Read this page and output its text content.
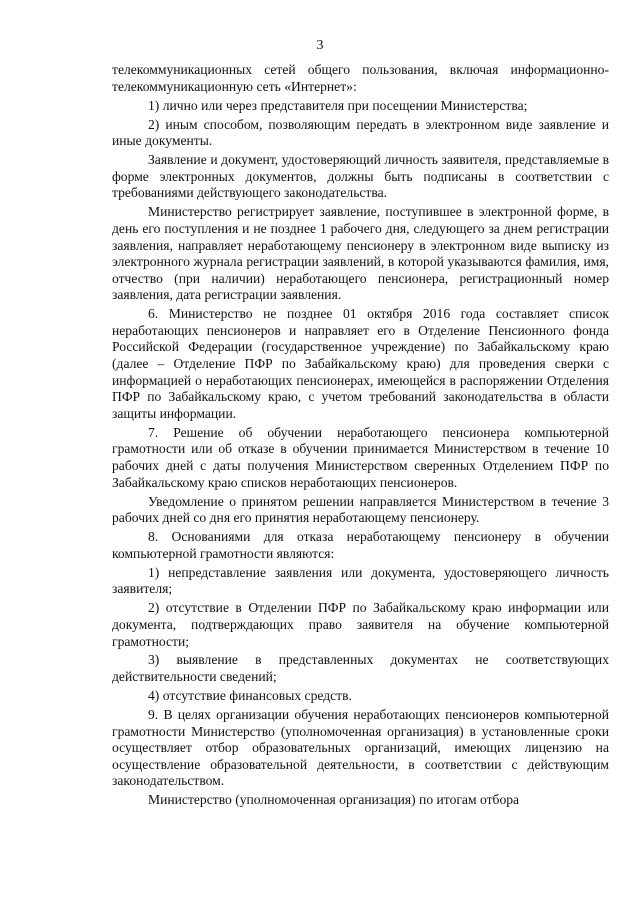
3

телекоммуникационных сетей общего пользования, включая информационно-телекоммуникационную сеть «Интернет»:

1) лично или через представителя при посещении Министерства;

2) иным способом, позволяющим передать в электронном виде заявление и иные документы.

Заявление и документ, удостоверяющий личность заявителя, представляемые в форме электронных документов, должны быть подписаны в соответствии с требованиями действующего законодательства.

Министерство регистрирует заявление, поступившее в электронной форме, в день его поступления и не позднее 1 рабочего дня, следующего за днем регистрации заявления, направляет неработающему пенсионеру в электронном виде выписку из электронного журнала регистрации заявлений, в которой указываются фамилия, имя, отчество (при наличии) неработающего пенсионера, регистрационный номер заявления, дата регистрации заявления.

6. Министерство не позднее 01 октября 2016 года составляет список неработающих пенсионеров и направляет его в Отделение Пенсионного фонда Российской Федерации (государственное учреждение) по Забайкальскому краю (далее – Отделение ПФР по Забайкальскому краю) для проведения сверки с информацией о неработающих пенсионерах, имеющейся в распоряжении Отделения ПФР по Забайкальскому краю, с учетом требований законодательства в области защиты информации.

7. Решение об обучении неработающего пенсионера компьютерной грамотности или об отказе в обучении принимается Министерством в течение 10 рабочих дней с даты получения Министерством сверенных Отделением ПФР по Забайкальскому краю списков неработающих пенсионеров.

Уведомление о принятом решении направляется Министерством в течение 3 рабочих дней со дня его принятия неработающему пенсионеру.

8. Основаниями для отказа неработающему пенсионеру в обучении компьютерной грамотности являются:

1) непредставление заявления или документа, удостоверяющего личность заявителя;

2) отсутствие в Отделении ПФР по Забайкальскому краю информации или документа, подтверждающих право заявителя на обучение компьютерной грамотности;

3) выявление в представленных документах не соответствующих действительности сведений;

4) отсутствие финансовых средств.

9. В целях организации обучения неработающих пенсионеров компьютерной грамотности Министерство (уполномоченная организация) в установленные сроки осуществляет отбор образовательных организаций, имеющих лицензию на осуществление образовательной деятельности, в соответствии с действующим законодательством.

Министерство (уполномоченная организация) по итогам отбора
